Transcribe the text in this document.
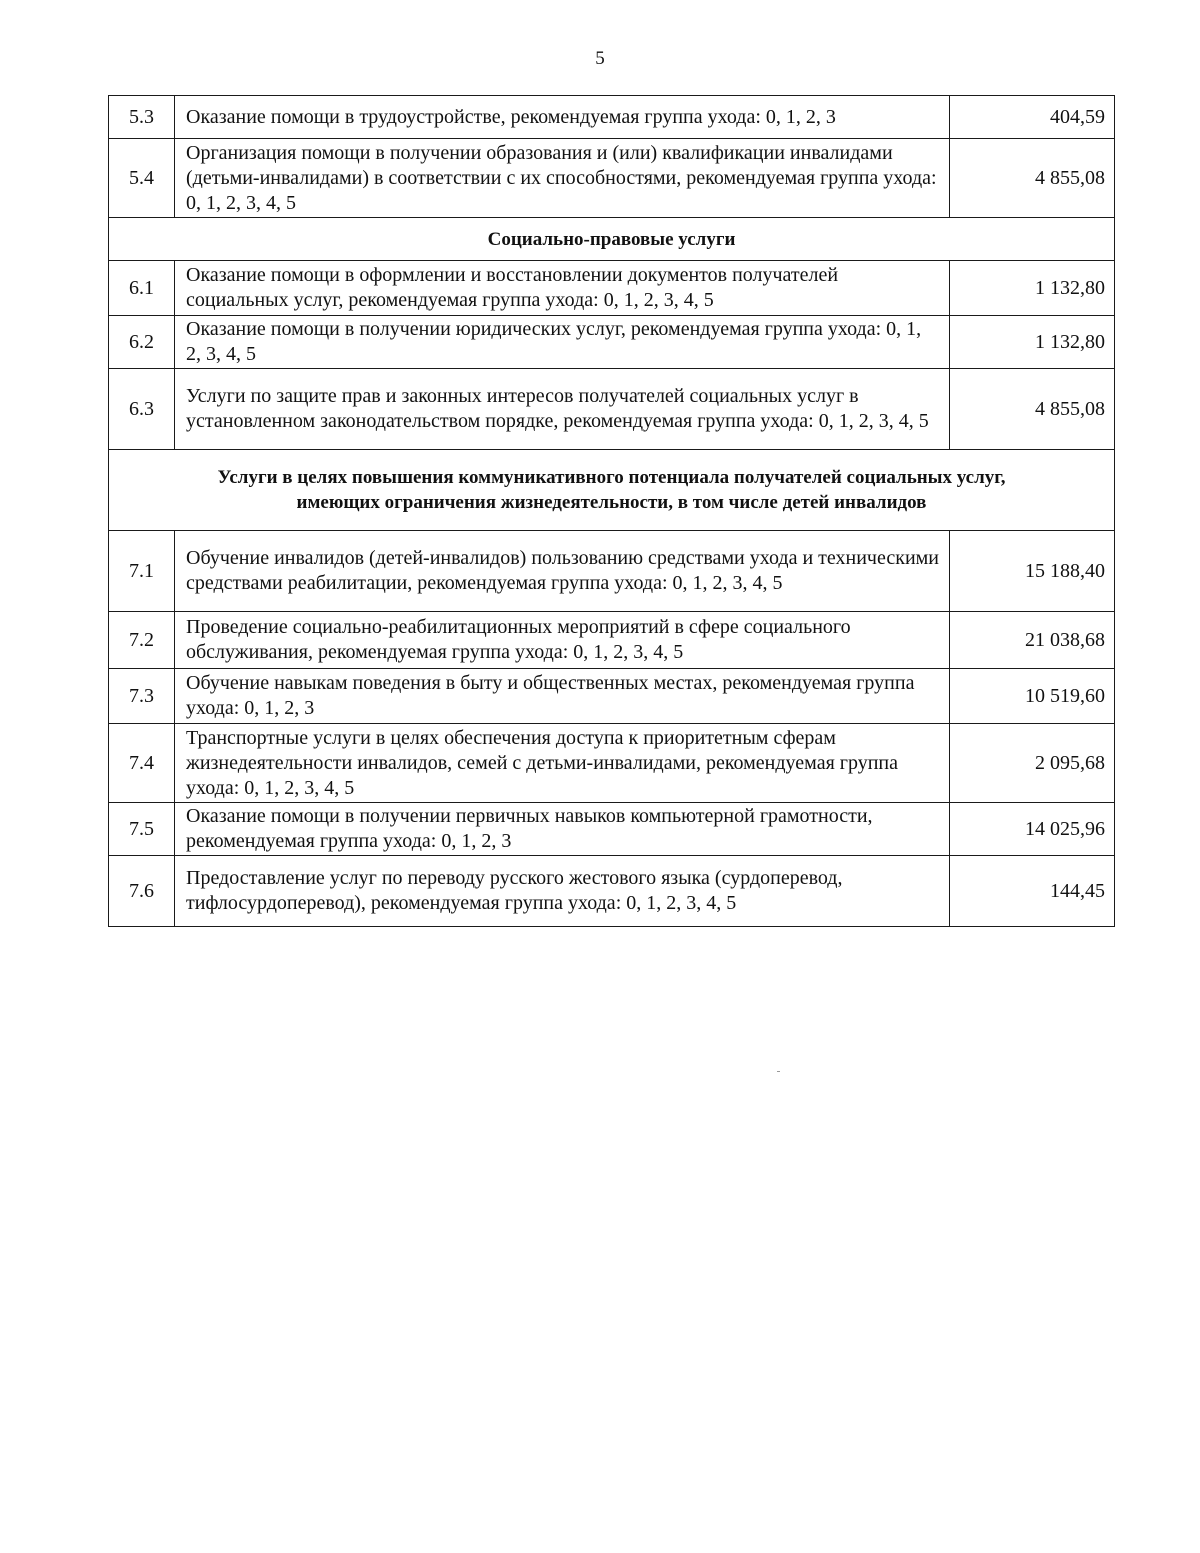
5
5.3	Оказание помощи в трудоустройстве, рекомендуемая группа ухода: 0, 1, 2, 3	404,59
5.4	Организация помощи в получении образования и (или) квалификации инвалидами (детьми-инвалидами) в соответствии с их способностями, рекомендуемая группа ухода: 0, 1, 2, 3, 4, 5	4 855,08
Социально-правовые услуги		
6.1	Оказание помощи в оформлении и восстановлении документов получателей социальных услуг, рекомендуемая группа ухода: 0, 1, 2, 3, 4, 5	1 132,80
6.2	Оказание помощи в получении юридических услуг, рекомендуемая группа ухода: 0, 1, 2, 3, 4, 5	1 132,80
6.3	Услуги по защите прав и законных интересов получателей социальных услуг в установленном законодательством порядке, рекомендуемая группа ухода: 0, 1, 2, 3, 4, 5	4 855,08
Услуги в целях повышения коммуникативного потенциала получателей социальных услуг,
имеющих ограничения жизнедеятельности, в том числе детей инвалидов		
7.1	Обучение инвалидов (детей-инвалидов) пользованию средствами ухода и техническими средствами реабилитации, рекомендуемая группа ухода: 0, 1, 2, 3, 4, 5	15 188,40
7.2	Проведение социально-реабилитационных мероприятий в сфере социального обслуживания, рекомендуемая группа ухода: 0, 1, 2, 3, 4, 5	21 038,68
7.3	Обучение навыкам поведения в быту и общественных местах, рекомендуемая группа ухода: 0, 1, 2, 3	10 519,60
7.4	Транспортные услуги в целях обеспечения доступа к приоритетным сферам жизнедеятельности инвалидов, семей с детьми-инвалидами, рекомендуемая группа ухода: 0, 1, 2, 3, 4, 5	2 095,68
7.5	Оказание помощи в получении первичных навыков компьютерной грамотности, рекомендуемая группа ухода: 0, 1, 2, 3	14 025,96
7.6	Предоставление услуг по переводу русского жестового языка (сурдоперевод, тифлосурдоперевод), рекомендуемая группа ухода: 0, 1, 2, 3, 4, 5	144,45
